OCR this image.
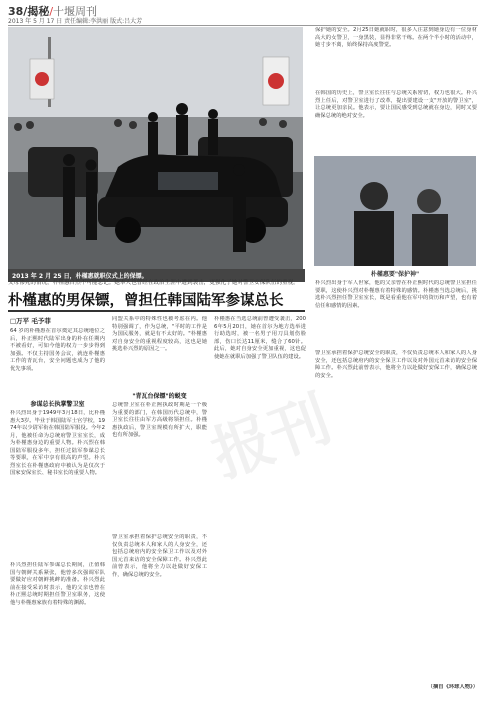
38/揭秘/十堰周刊
2013 年 5 月 17 日 责任编辑:李洪丽 版式:吕大芳
2013 年 2 月 25 日，朴槿惠就职仪式上的保镖。
父母惨死的情况，朴槿惠自然不可能忘记。她本人也曾经在政治生涯中遭到袭击，更强化了她对警卫安保队伍的重视。
朴槿惠的男保镖，曾担任韩国陆军参谋总长
□万平 毛予菲
64 岁的朴槿惠在首尔奠定其总统地位之后，朴正熙时代陆军出身的朴在任期内不被看好，可如今他的权力一步步得到加强。不仅主持国务会议，就连朴槿惠工作的青瓦台，安全问题也成为了他的优先事项。
参谋总长执掌警卫室
朴兴烈出身于1949年3月18日，比朴槿惠大3岁。毕业于韩国陆军士官学校，1974年以少尉军衔在韩国陆军服役。今年2月，他被任命为总统府警卫室室长，成为朴槿惠身边的重要人物。朴兴烈在韩国陆军服役多年，担任过陆军参谋总长等要职，在军中享有很高的声望。朴兴烈室长在朴槿惠政府中被认为是仅次于国家安保室长、秘书室长的重要人物。
朴兴烈担任陆军参谋总长期间，正值韩国与朝鲜关系紧张，他曾多次强调军队要做好应对朝鲜挑衅的准备。朴兴烈此前在接受采访时表示，他的父亲也曾在朴正熙总统时期担任警卫室职务，这使他与朴槿惠家族有着特殊的渊源。
同盟关系中的特殊性也被考虑在内。他特别强调了，作为总统，"平时的工作是为国民服务，就是有不太好的。"朴槿惠对自身安全的重视程度较高，这也是她挑选朴兴烈的原因之一。
"青瓦台保镖"的蜕变
总统警卫室在朴正熙执政时期是一个极为重要的部门，在韩国历代总统中，警卫室长往往由军方高级将领担任。朴槿惠执政后，警卫室规模有所扩大，职能也有所加强。
警卫室承担着保护总统安全的职责，不仅负责总统本人和家人的人身安全，还包括总统府内的安全保卫工作以及对外国元首来访的安全保障工作。朴兴烈此前曾表示，他将全力以赴做好安保工作，确保总统的安全。
朴槿惠在当选总统前曾遭受袭击，2006年5月20日，她在首尔为地方选举进行助选时，被一名男子用刀具划伤脸部，伤口长达11厘米，缝合了60针。此后，她对自身安全更加重视，这也促使她在就职后加强了警卫队伍的建设。
保护她的安全。2月25日她就职时，很多人注意到她身边有一位身材高大的女警卫，一身黑装，显得非常干练。在两个半小时的活动中，她寸步不离，始终保持高度警觉。
在韩国的历史上，警卫室长往往与总统关系密切，权力也很大。朴兴烈上任后，对警卫室进行了改革，提出要建设一支"开放的警卫室"，让总统更加亲民。他表示，要让国民感受到总统就在身边，同时又要确保总统的绝对安全。
朴槿惠要"保护神"
朴兴烈出身于军人世家，他的父亲曾在朴正熙时代的总统警卫室担任要职，这使朴兴烈对朴槿惠有着特殊的感情。朴槿惠当选总统后，挑选朴兴烈担任警卫室室长，既是看重他在军中的资历和声望，也有着信任和感情的因素。
警卫室承担着保护总统安全的职责，不仅负责总统本人和家人的人身安全，还包括总统府内的安全保卫工作以及对外国元首来访的安全保障工作。朴兴烈此前曾表示，他将全力以赴做好安保工作，确保总统的安全。
（摘自《环球人物》）
报刊
